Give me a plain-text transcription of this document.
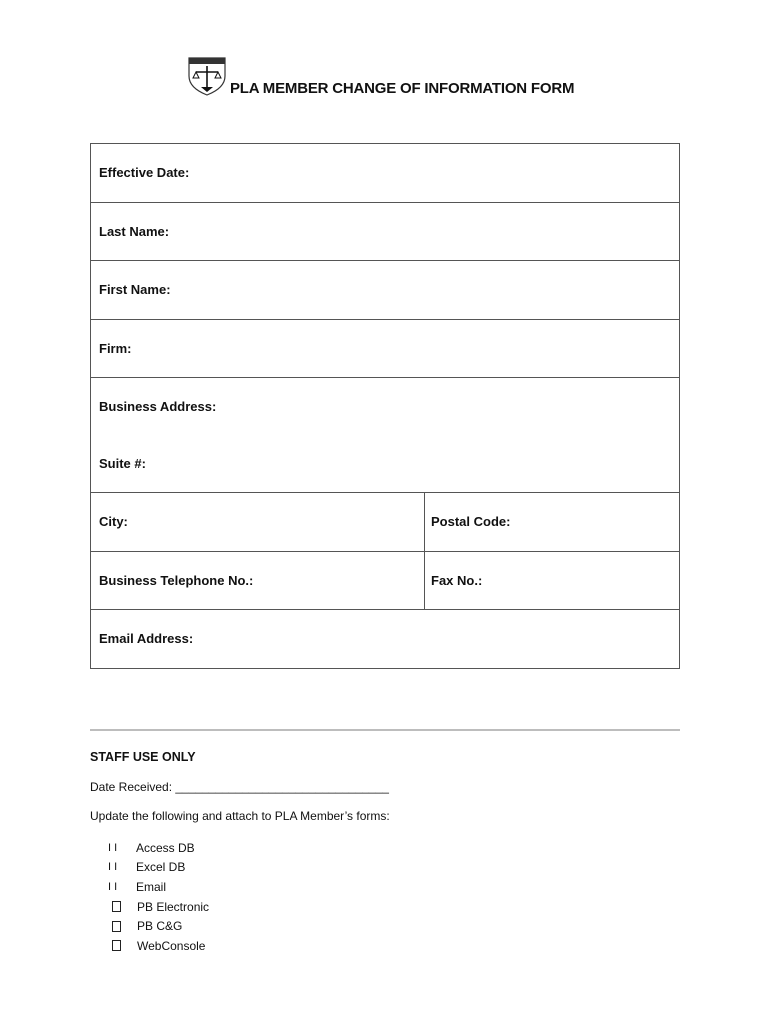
PLA MEMBER CHANGE OF INFORMATION FORM
Effective Date:
Last Name:
First Name:
Firm:
Business Address:
Suite #:
City:	Postal Code:
Business Telephone No.:	Fax No.:
Email Address:
STAFF USE ONLY
Date Received: ________________________________
Update the following and attach to PLA Member’s forms:
I I	Access DB
I I	Excel DB
I I	Email
PB Electronic
PB C&G
WebConsole
